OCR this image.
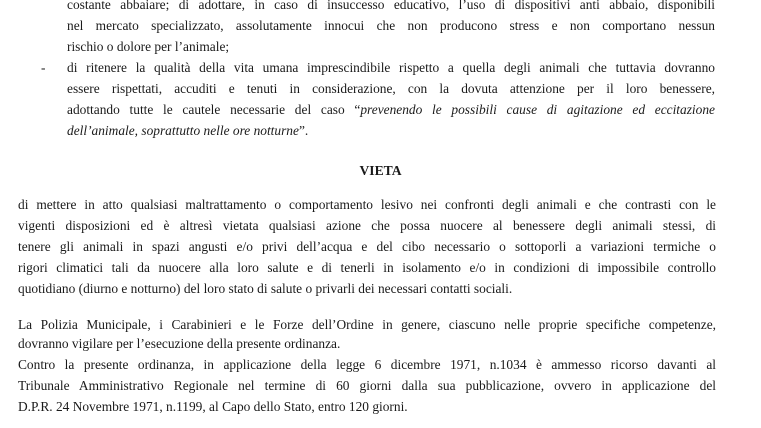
costante abbaiare; di adottare, in caso di insuccesso educativo, l’uso di dispositivi anti abbaio, disponibili
nel mercato specializzato, assolutamente innocui che non producono stress e non comportano nessun
rischio o dolore per l’animale;
- di ritenere la qualità della vita umana imprescindibile rispetto a quella degli animali che tuttavia dovranno
essere rispettati, accuditi e tenuti in considerazione, con la dovuta attenzione per il loro benessere,
adottando tutte le cautele necessarie del caso “prevenendo le possibili cause di agitazione ed eccitazione
dell’animale, soprattutto nelle ore notturne”.
VIETA
di mettere in atto qualsiasi maltrattamento o comportamento lesivo nei confronti degli animali e che contrasti con le
vigenti disposizioni ed è altresì vietata qualsiasi azione che possa nuocere al benessere degli animali stessi, di
tenere gli animali in spazi angusti e/o privi dell’acqua e del cibo necessario o sottoporli a variazioni termiche o
rigori climatici tali da nuocere alla loro salute e di tenerli in isolamento e/o in condizioni di impossibile controllo
quotidiano (diurno e notturno) del loro stato di salute o privarli dei necessari contatti sociali.
La Polizia Municipale, i Carabinieri e le Forze dell’Ordine in genere, ciascuno nelle proprie specifiche competenze,
dovranno vigilare per l’esecuzione della presente ordinanza.
Contro la presente ordinanza, in applicazione della legge 6 dicembre 1971, n.1034 è ammesso ricorso davanti al
Tribunale Amministrativo Regionale nel termine di 60 giorni dalla sua pubblicazione, ovvero in applicazione del
D.P.R. 24 Novembre 1971, n.1199, al Capo dello Stato, entro 120 giorni.
